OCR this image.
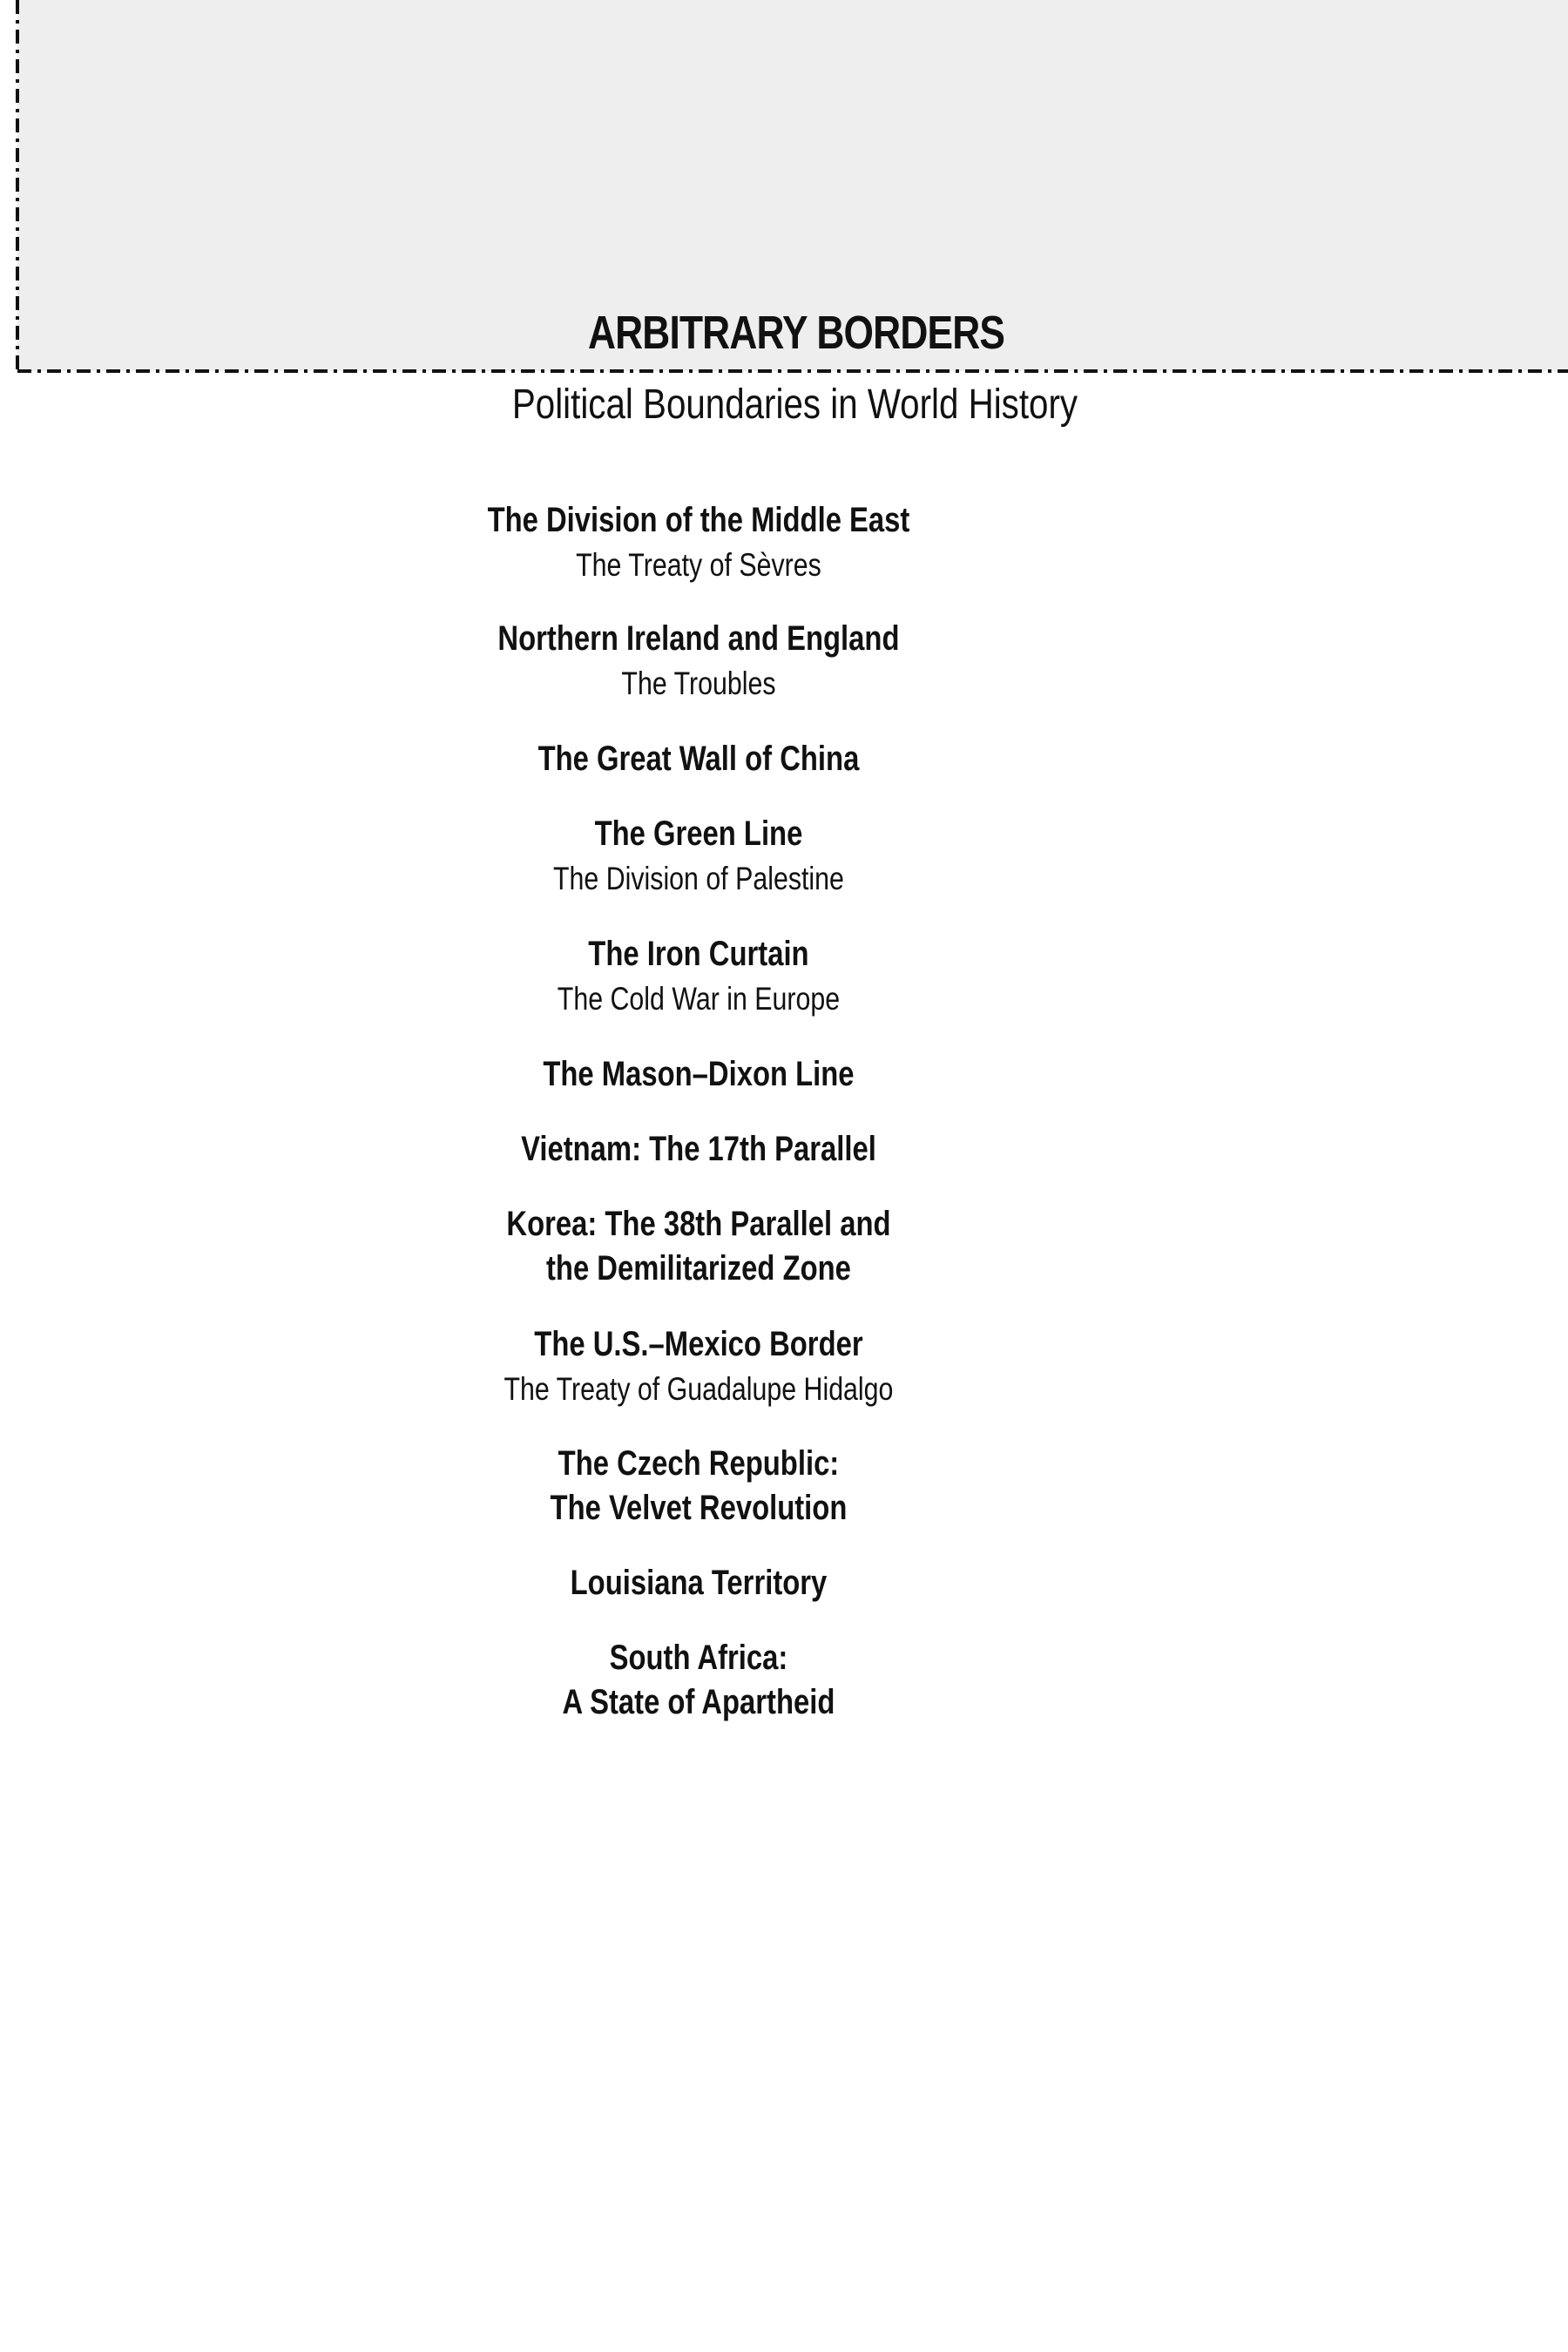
ARBITRARY BORDERS
Political Boundaries in World History
The Division of the Middle East
The Treaty of Sèvres
Northern Ireland and England
The Troubles
The Great Wall of China
The Green Line
The Division of Palestine
The Iron Curtain
The Cold War in Europe
The Mason–Dixon Line
Vietnam: The 17th Parallel
Korea: The 38th Parallel and
the Demilitarized Zone
The U.S.–Mexico Border
The Treaty of Guadalupe Hidalgo
The Czech Republic:
The Velvet Revolution
Louisiana Territory
South Africa:
A State of Apartheid
